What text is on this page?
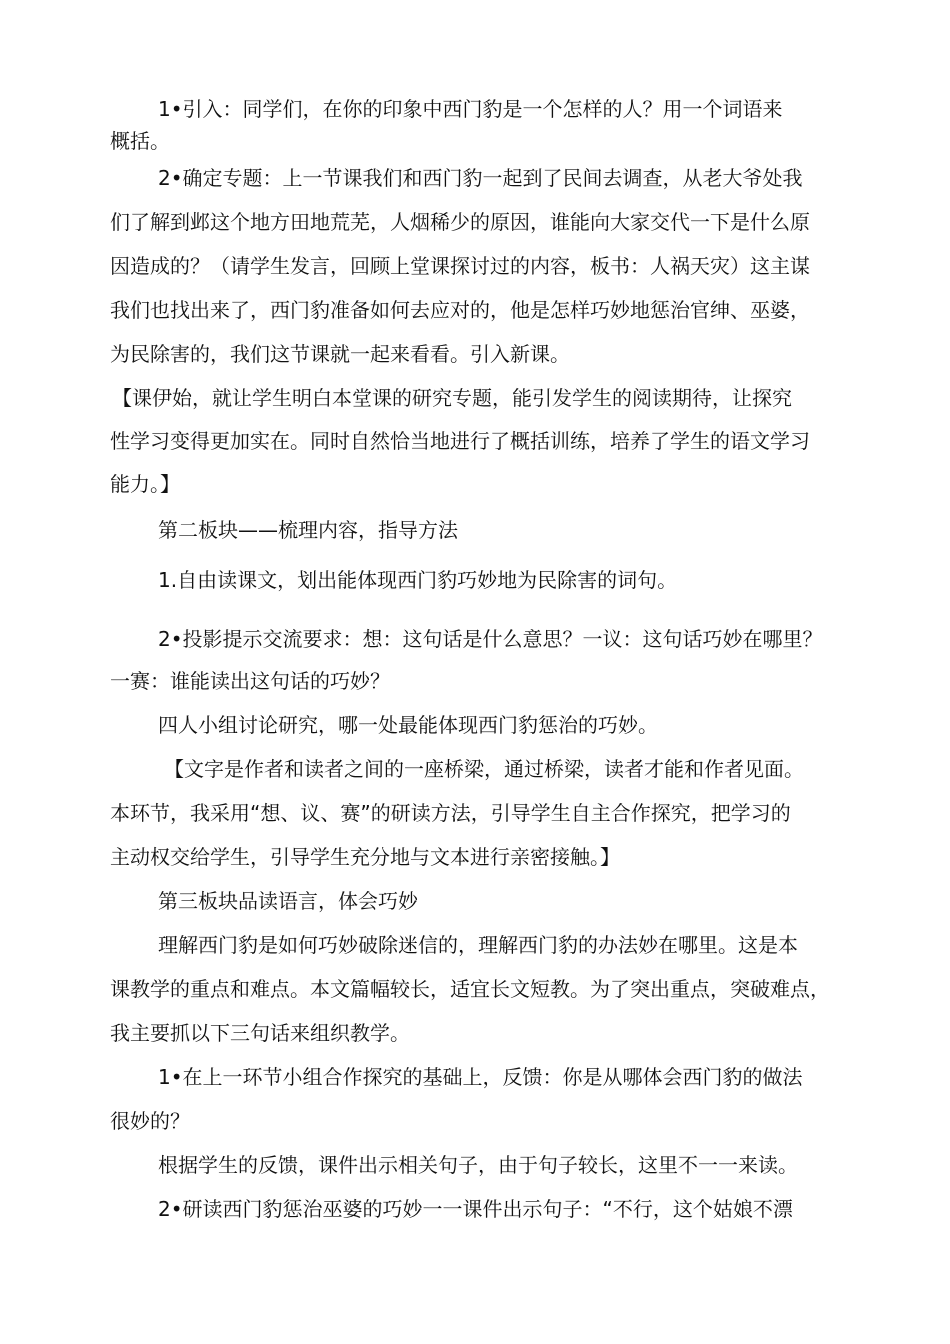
1•引入：同学们，在你的印象中西门豹是一个怎样的人？用一个词语来
概括。
2•确定专题：上一节课我们和西门豹一起到了民间去调查，从老大爷处我
们了解到邺这个地方田地荒芜，人烟稀少的原因，谁能向大家交代一下是什么原
因造成的？（请学生发言，回顾上堂课探讨过的内容，板书：人祸天灾）这主谋
我们也找出来了，西门豹准备如何去应对的，他是怎样巧妙地惩治官绅、巫婆，
为民除害的，我们这节课就一起来看看。引入新课。
【课伊始，就让学生明白本堂课的研究专题，能引发学生的阅读期待，让探究
性学习变得更加实在。同时自然恰当地进行了概括训练，培养了学生的语文学习
能力。】
第二板块——梳理内容，指导方法
1.自由读课文，划出能体现西门豹巧妙地为民除害的词句。
2•投影提示交流要求：想：这句话是什么意思？一议：这句话巧妙在哪里？
一赛：谁能读出这句话的巧妙？
四人小组讨论研究，哪一处最能体现西门豹惩治的巧妙。
【文字是作者和读者之间的一座桥梁，通过桥梁，读者才能和作者见面。
本环节，我采用“想、议、赛”的研读方法，引导学生自主合作探究，把学习的
主动权交给学生，引导学生充分地与文本进行亲密接触。】
第三板块品读语言，体会巧妙
理解西门豹是如何巧妙破除迷信的，理解西门豹的办法妙在哪里。这是本
课教学的重点和难点。本文篇幅较长，适宜长文短教。为了突出重点，突破难点，
我主要抓以下三句话来组织教学。
1•在上一环节小组合作探究的基础上，反馈：你是从哪体会西门豹的做法
很妙的？
根据学生的反馈，课件出示相关句子，由于句子较长，这里不一一来读。
2•研读西门豹惩治巫婆的巧妙一一课件出示句子：“不行，这个姑娘不漂
